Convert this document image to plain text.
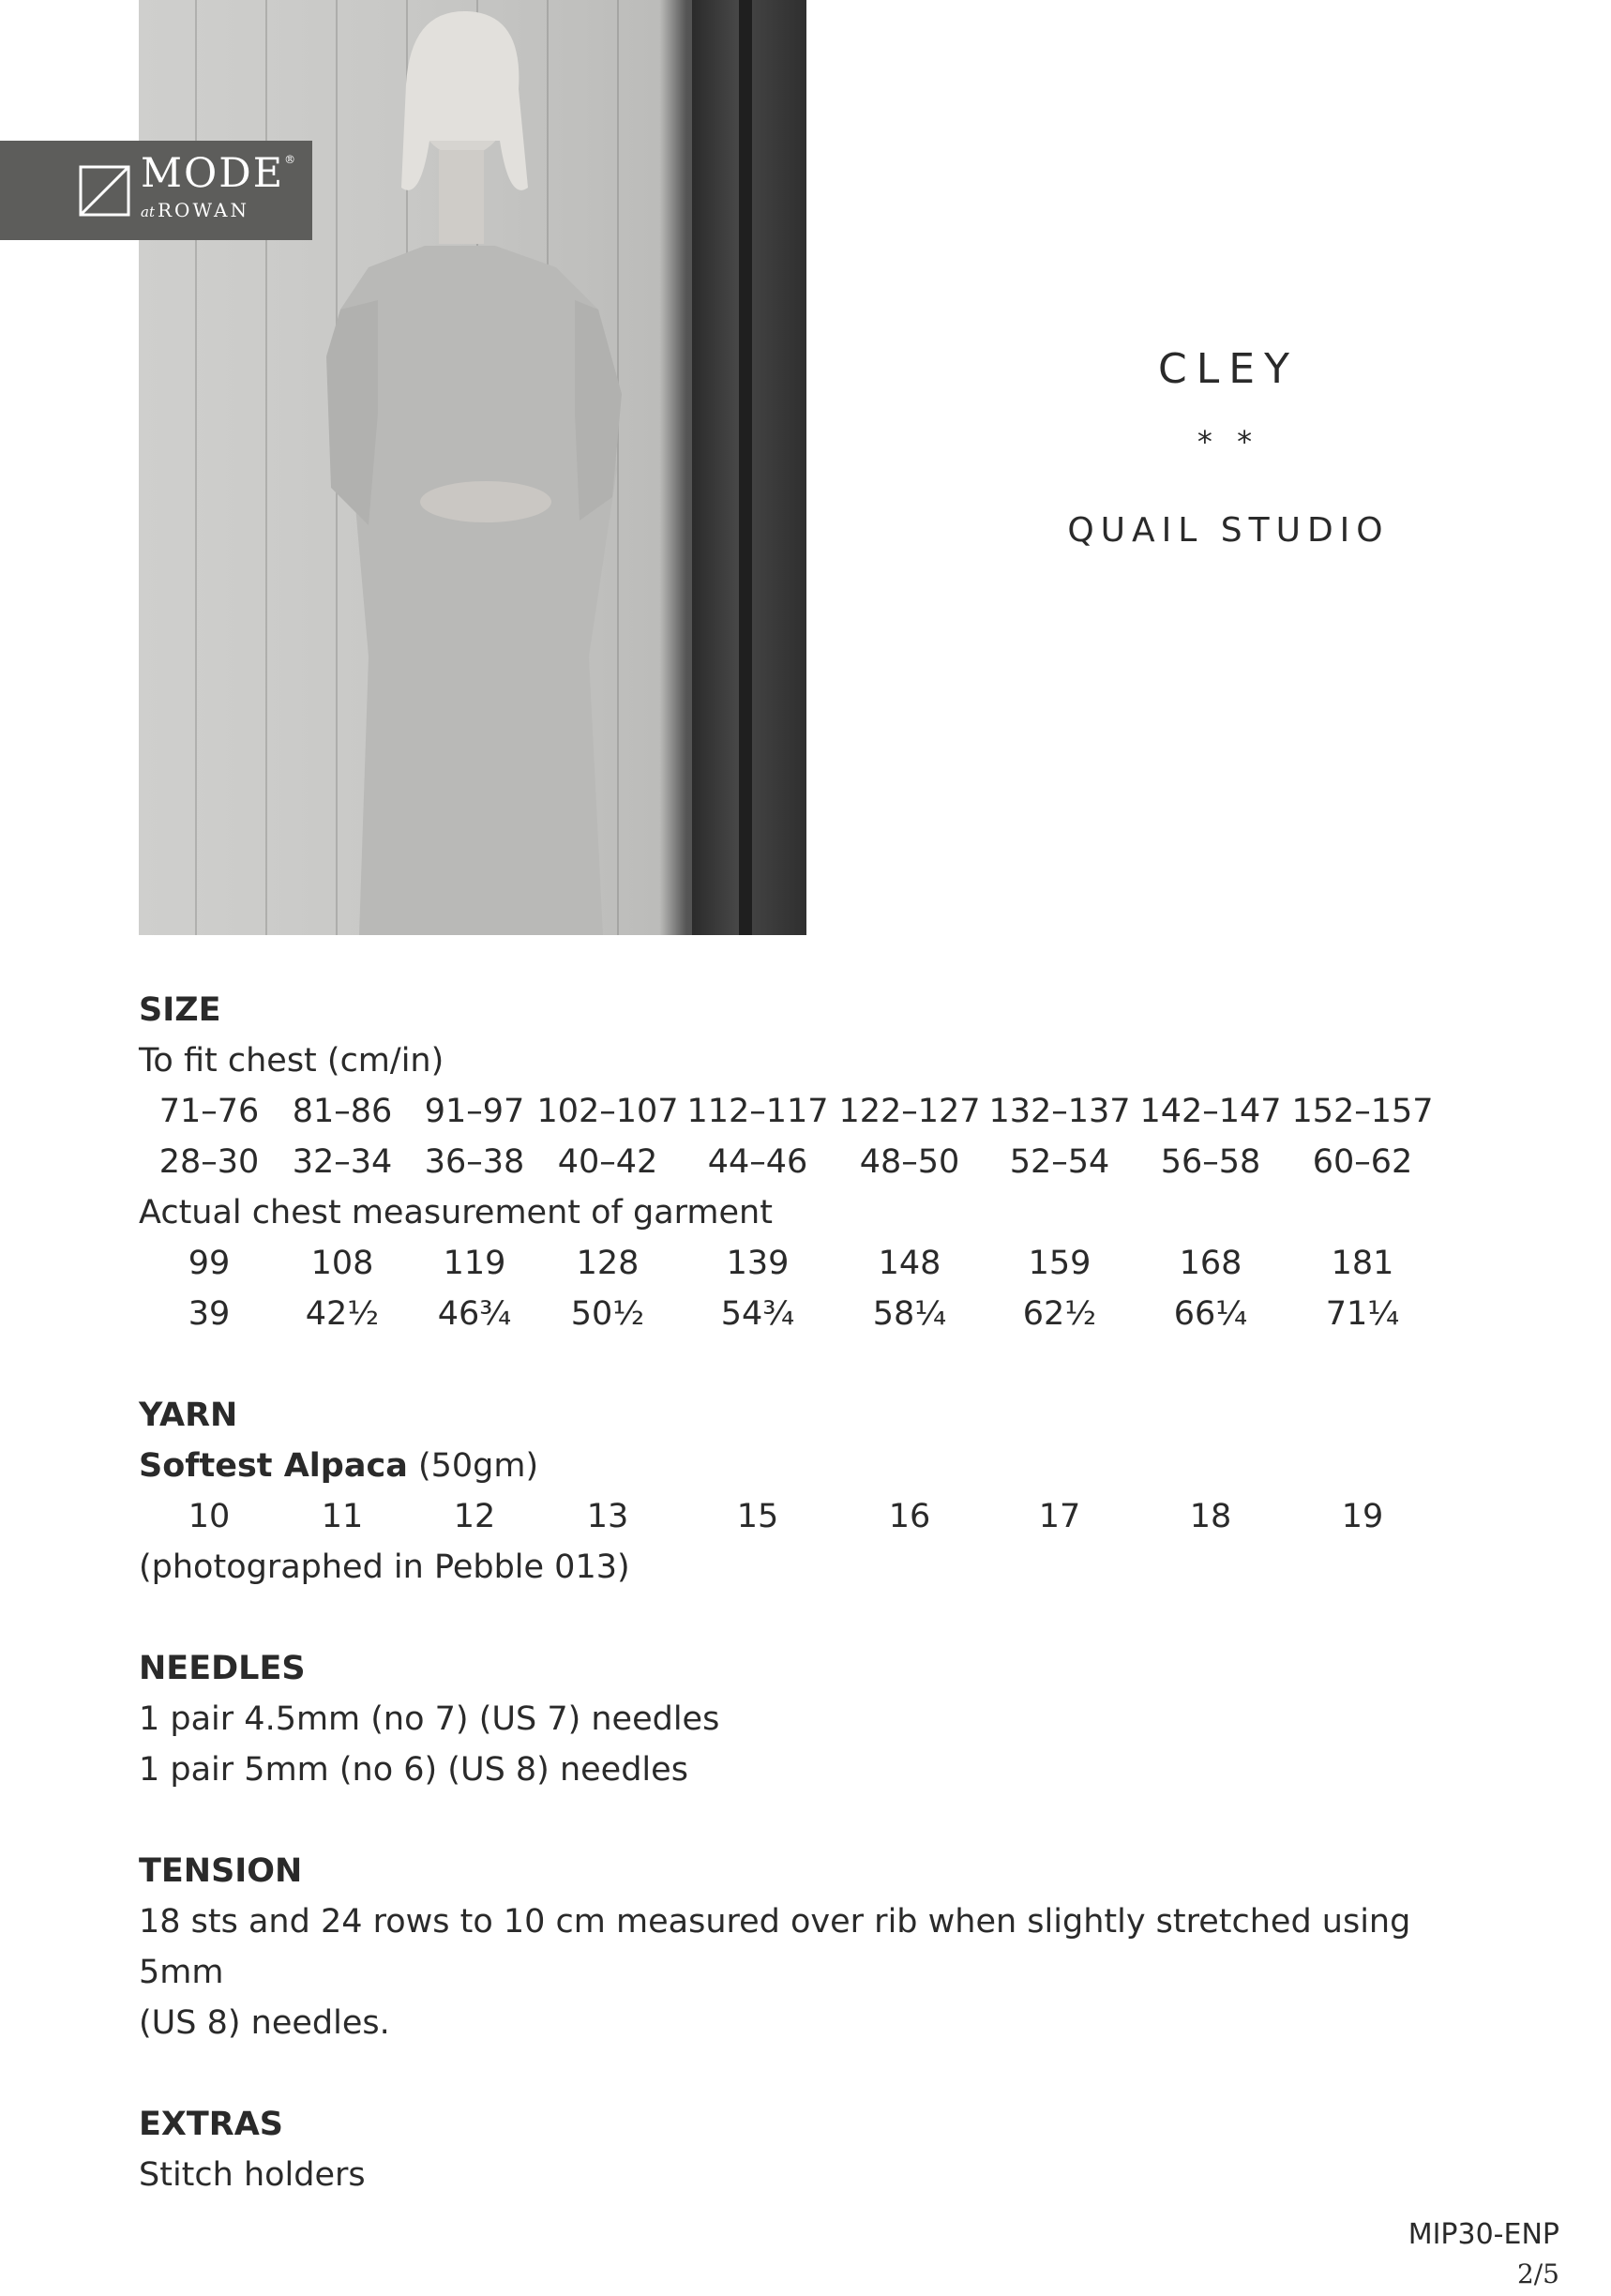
MODE®
at ROWAN
CLEY
* *
QUAIL STUDIO

SIZE

To fit chest (cm/in)

71–76	81–86 91–97 102–107 112–117 122–127 132–137 142–147 152–157
28–30	32–34 36–38	40–42	44–46	48–50	52–54	56–58	60–62

Actual chest measurement of garment

99	108	119	128	139	148	159	168	181
39	42½	46¾	50½	54¾	58¼	62½	66¼	71¼

YARN

Softest Alpaca (50gm)

10	11	12	13	15	16	17	18	19

(photographed in Pebble 013)

NEEDLES

1 pair 4.5mm (no 7) (US 7) needles

1 pair 5mm (no 6) (US 8) needles

TENSION

18 sts and 24 rows to 10 cm measured over rib when slightly stretched using 5mm

(US 8) needles.

EXTRAS

Stitch holders

MIP30-ENP
2/5
